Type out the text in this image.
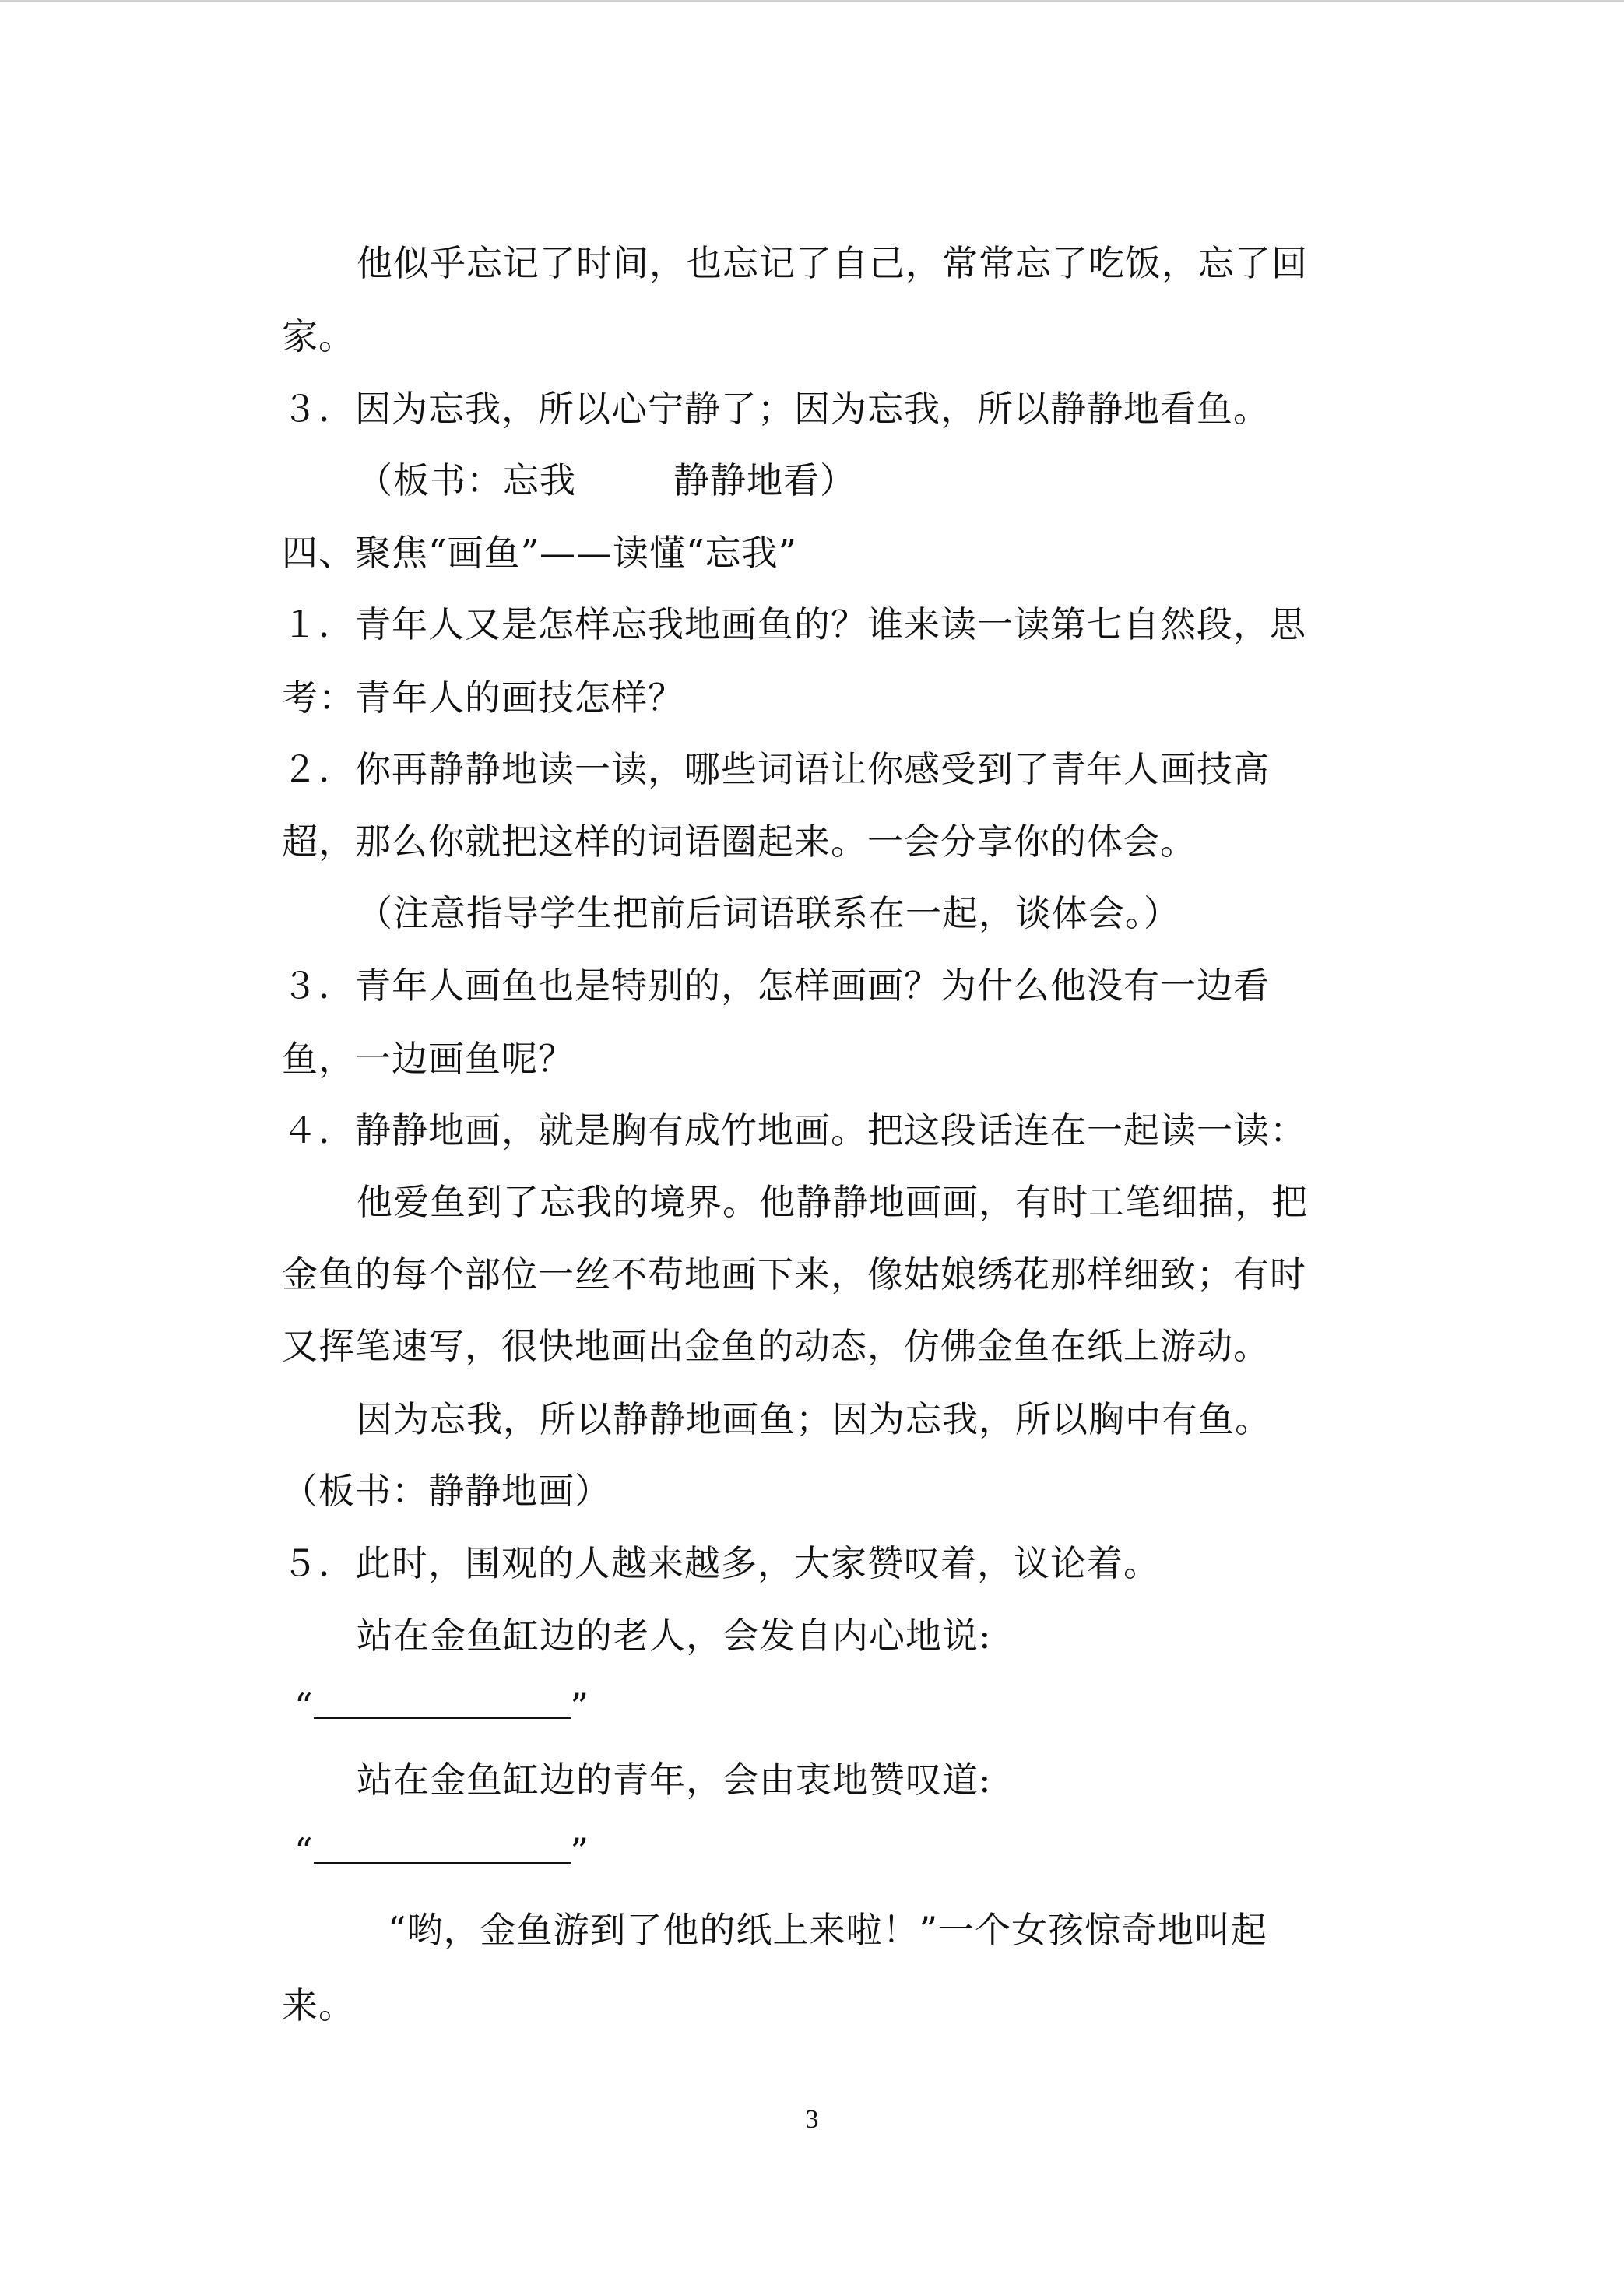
他似乎忘记了时间，也忘记了自己，常常忘了吃饭，忘了回
家。
３．因为忘我，所以心宁静了；因为忘我，所以静静地看鱼。
（板书：忘我        静静地看）
四、聚焦“画鱼”——读懂“忘我”
１．青年人又是怎样忘我地画鱼的？谁来读一读第七自然段，思
考：青年人的画技怎样？
２．你再静静地读一读，哪些词语让你感受到了青年人画技高
超，那么你就把这样的词语圈起来。一会分享你的体会。
（注意指导学生把前后词语联系在一起，谈体会。）
３．青年人画鱼也是特别的，怎样画画？为什么他没有一边看
鱼，一边画鱼呢？
４．静静地画，就是胸有成竹地画。把这段话连在一起读一读：
他爱鱼到了忘我的境界。他静静地画画，有时工笔细描，把
金鱼的每个部位一丝不苟地画下来，像姑娘绣花那样细致；有时
又挥笔速写，很快地画出金鱼的动态，仿佛金鱼在纸上游动。
因为忘我，所以静静地画鱼；因为忘我，所以胸中有鱼。
（板书：静静地画）
５．此时，围观的人越来越多，大家赞叹着，议论着。
站在金鱼缸边的老人，会发自内心地说:
“	”
站在金鱼缸边的青年，会由衷地赞叹道:
“	”
“哟，金鱼游到了他的纸上来啦！”一个女孩惊奇地叫起
来。
3
